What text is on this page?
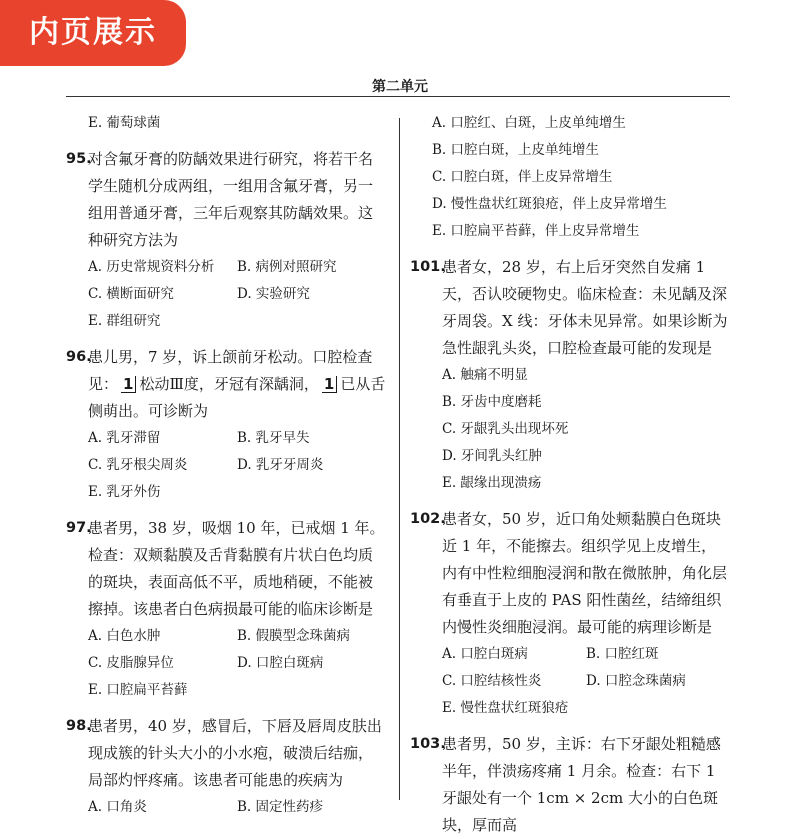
内页展示
第二单元
E. 葡萄球菌
95.
对含氟牙膏的防龋效果进行研究，将若干名学生随机分成两组，一组用含氟牙膏，另一组用普通牙膏，三年后观察其防龋效果。这种研究方法为
A. 历史常规资料分析	B. 病例对照研究
C. 横断面研究	D. 实验研究
E. 群组研究
96.
患儿男，7 岁，诉上颌前牙松动。口腔检查见： 1 松动Ⅲ度，牙冠有深龋洞， 1 已从舌侧萌出。可诊断为
A. 乳牙滞留	B. 乳牙早失
C. 乳牙根尖周炎	D. 乳牙牙周炎
E. 乳牙外伤
97.
患者男，38 岁，吸烟 10 年，已戒烟 1 年。检查：双颊黏膜及舌背黏膜有片状白色均质的斑块，表面高低不平，质地稍硬，不能被擦掉。该患者白色病损最可能的临床诊断是
A. 白色水肿	B. 假膜型念珠菌病
C. 皮脂腺异位	D. 口腔白斑病
E. 口腔扁平苔藓
98.
患者男，40 岁，感冒后，下唇及唇周皮肤出现成簇的针头大小的小水疱，破溃后结痂，局部灼怦疼痛。该患者可能患的疾病为
A. 口角炎	B. 固定性药疹
A. 口腔红、白斑，上皮单纯增生
B. 口腔白斑，上皮单纯增生
C. 口腔白斑，伴上皮异常增生
D. 慢性盘状红斑狼疮，伴上皮异常增生
E. 口腔扁平苔藓，伴上皮异常增生
101.
患者女，28 岁，右上后牙突然自发痛 1 天，否认咬硬物史。临床检查：未见龋及深牙周袋。X 线：牙体未见异常。如果诊断为急性龈乳头炎，口腔检查最可能的发现是
A. 触痛不明显
B. 牙齿中度磨耗
C. 牙龈乳头出现坏死
D. 牙间乳头红肿
E. 龈缘出现溃疡
102.
患者女，50 岁，近口角处颊黏膜白色斑块近 1 年，不能擦去。组织学见上皮增生，内有中性粒细胞浸润和散在微脓肿，角化层有垂直于上皮的 PAS 阳性菌丝，结缔组织内慢性炎细胞浸润。最可能的病理诊断是
A. 口腔白斑病	B. 口腔红斑
C. 口腔结核性炎	D. 口腔念珠菌病
E. 慢性盘状红斑狼疮
103.
患者男，50 岁，主诉：右下牙龈处粗糙感半年，伴溃疡疼痛 1 月余。检查：右下 1 牙龈处有一个 1cm × 2cm 大小的白色斑块，厚而高
